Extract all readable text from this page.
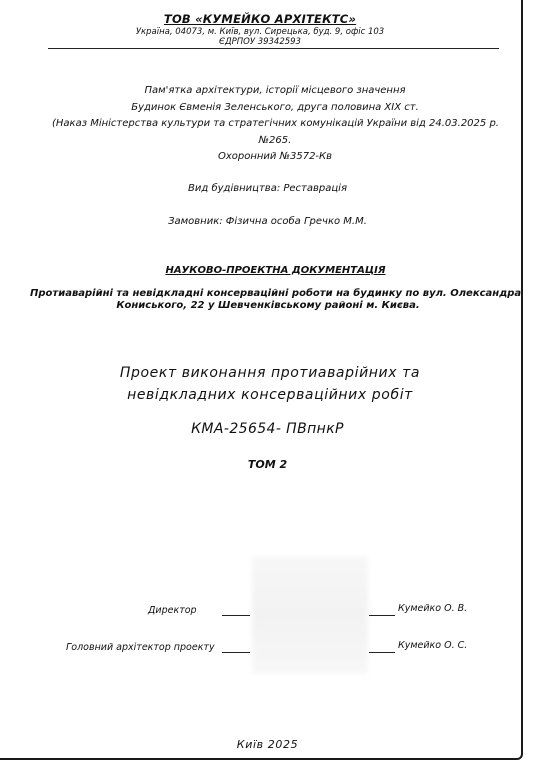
ТОВ «КУМЕЙКО АРХІТЕКТС»
Україна, 04073, м. Київ, вул. Сирецька, буд. 9, офіс 103
ЄДРПОУ 39342593
Пам'ятка архітектури, історії місцевого значення
Будинок Євменія Зеленського, друга половина XIX ст.
(Наказ Міністерства культури та стратегічних комунікацій України від 24.03.2025 р.
№265.
Охоронний №3572-Кв
Вид будівництва: Реставрація
Замовник: Фізична особа Гречко М.М.
НАУКОВО-ПРОЕКТНА ДОКУМЕНТАЦІЯ
Протиаварійні та невідкладні консерваційні роботи на будинку по вул. Олександра
Кониського, 22 у Шевченківському районі м. Києва.
Проект виконання протиаварійних та
невідкладних консерваційних робіт
КМА-25654- ПВпнкР
ТОМ 2
Директор	Кумейко О. В.
Головний архітектор проекту	Кумейко О. С.
Київ 2025
